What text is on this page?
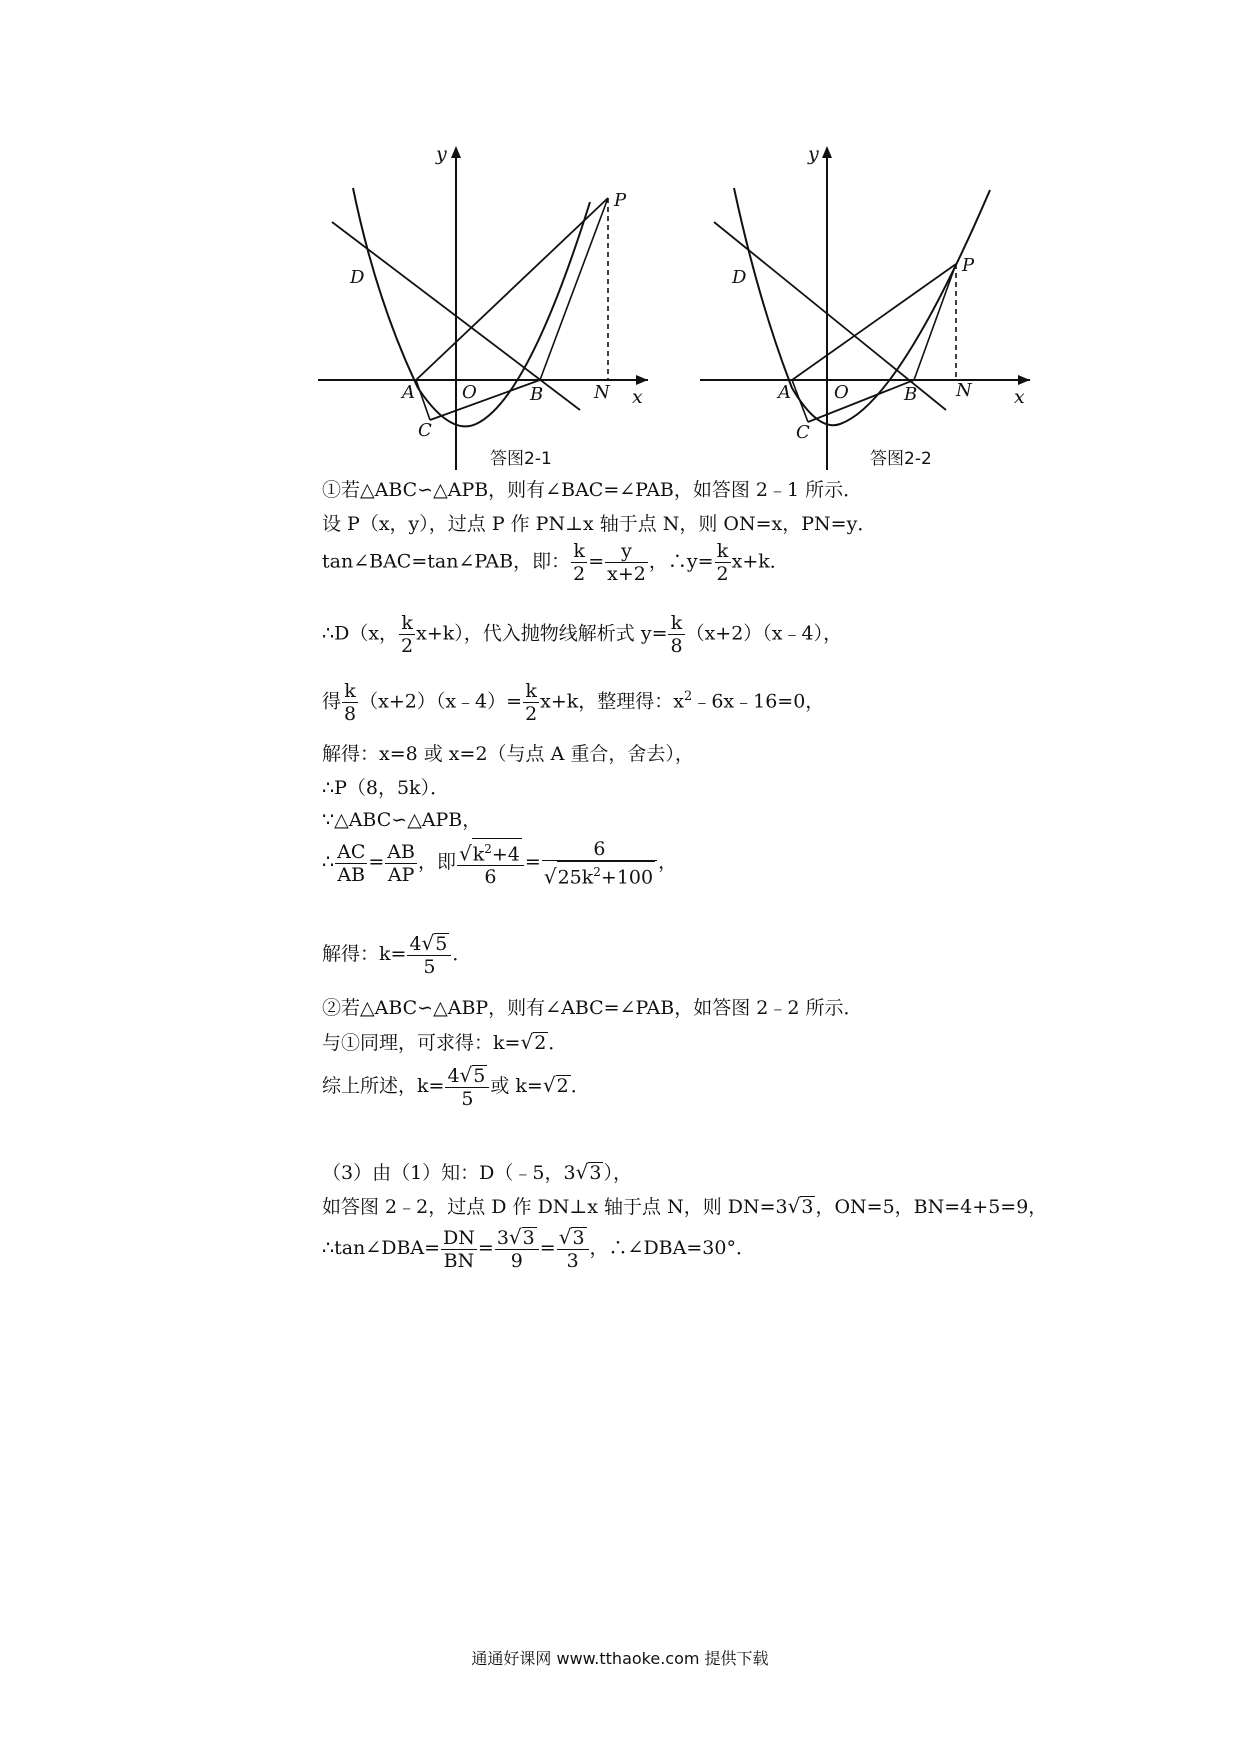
x
y
A	O	B	N
C
D
P
答图2-1
x
y
A O	B N
C
D
P
答图2-2
①若△ABC∽△APB，则有∠BAC=∠PAB，如答图 2﹣1 所示．
设 P（x，y），过点 P 作 PN⊥x 轴于点 N，则 ON=x，PN=y．
tan∠BAC=tan∠PAB，即： $\frac{k}{2} = \frac{y}{x+2}$ ，∴y= $\frac{k}{2} x+k$．
∴D（x， $\frac{k}{2} x+k$），代入抛物线解析式 $y= \frac{k}{8}$ （x+2）（x﹣4），
得 $\frac{k}{8}$ （x+2）（x﹣4）= $\frac{k}{2} x+k$，整理得：$x^2﹣6x﹣16=0$，
解得：x=8 或 x=2（与点 A 重合，舍去），
∴P（8，5k）．
∵△ABC∽△APB，
∴ $\frac{AC}{AB} = \frac{AB}{AP}$ ，即 $\frac{√k^2+4}{6} = \frac{6}{√25k^2+100}$ ，
解得：$k= \frac{4√5}{5}$ ．
②若△ABC∽△ABP，则有∠ABC=∠PAB，如答图 2﹣2 所示．
与①同理，可求得：k=√2 ．
综上所述，$k= \frac{4√5}{5}$ 或 k=√2 ．
（3）由（1）知：D（﹣5，3√3 ），
如答图 2﹣2，过点 D 作 DN⊥x 轴于点 N，则 DN=3√3 ，ON=5，BN=4+5=9，
∴tan∠DBA= $\frac{DN}{BN} = \frac{3√3}{9} = \frac{√3}{3}$ ，∴∠DBA=30°．
通通好课网 www.tthaoke.com 提供下载
